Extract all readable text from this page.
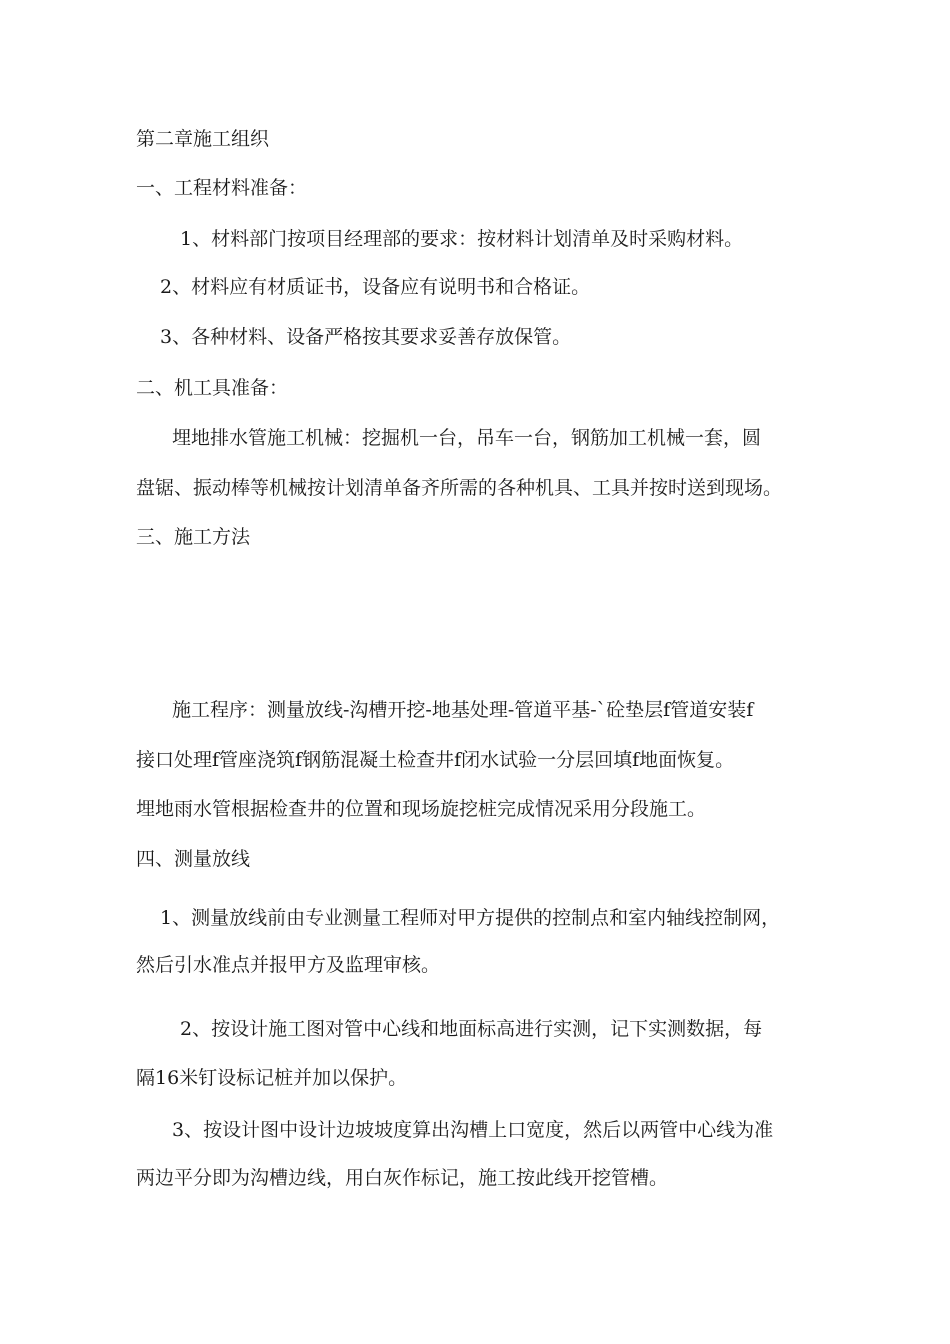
第二章施工组织
一、工程材料准备：
1、材料部门按项目经理部的要求：按材料计划清单及时采购材料。
2、材料应有材质证书，设备应有说明书和合格证。
3、各种材料、设备严格按其要求妥善存放保管。
二、机工具准备：
埋地排水管施工机械：挖掘机一台，吊车一台，钢筋加工机械一套，圆
盘锯、振动棒等机械按计划清单备齐所需的各种机具、工具并按时送到现场。
三、施工方法
施工程序：测量放线-沟槽开挖-地基处理-管道平基-`砼垫层f管道安装f
接口处理f管座浇筑f钢筋混凝土检查井f闭水试验一分层回填f地面恢复。
埋地雨水管根据检查井的位置和现场旋挖桩完成情况采用分段施工。
四、测量放线
1、测量放线前由专业测量工程师对甲方提供的控制点和室内轴线控制网，
然后引水准点并报甲方及监理审核。
2、按设计施工图对管中心线和地面标高进行实测，记下实测数据，每
隔16米钉设标记桩并加以保护。
3、按设计图中设计边坡坡度算出沟槽上口宽度，然后以两管中心线为准
两边平分即为沟槽边线，用白灰作标记，施工按此线开挖管槽。
